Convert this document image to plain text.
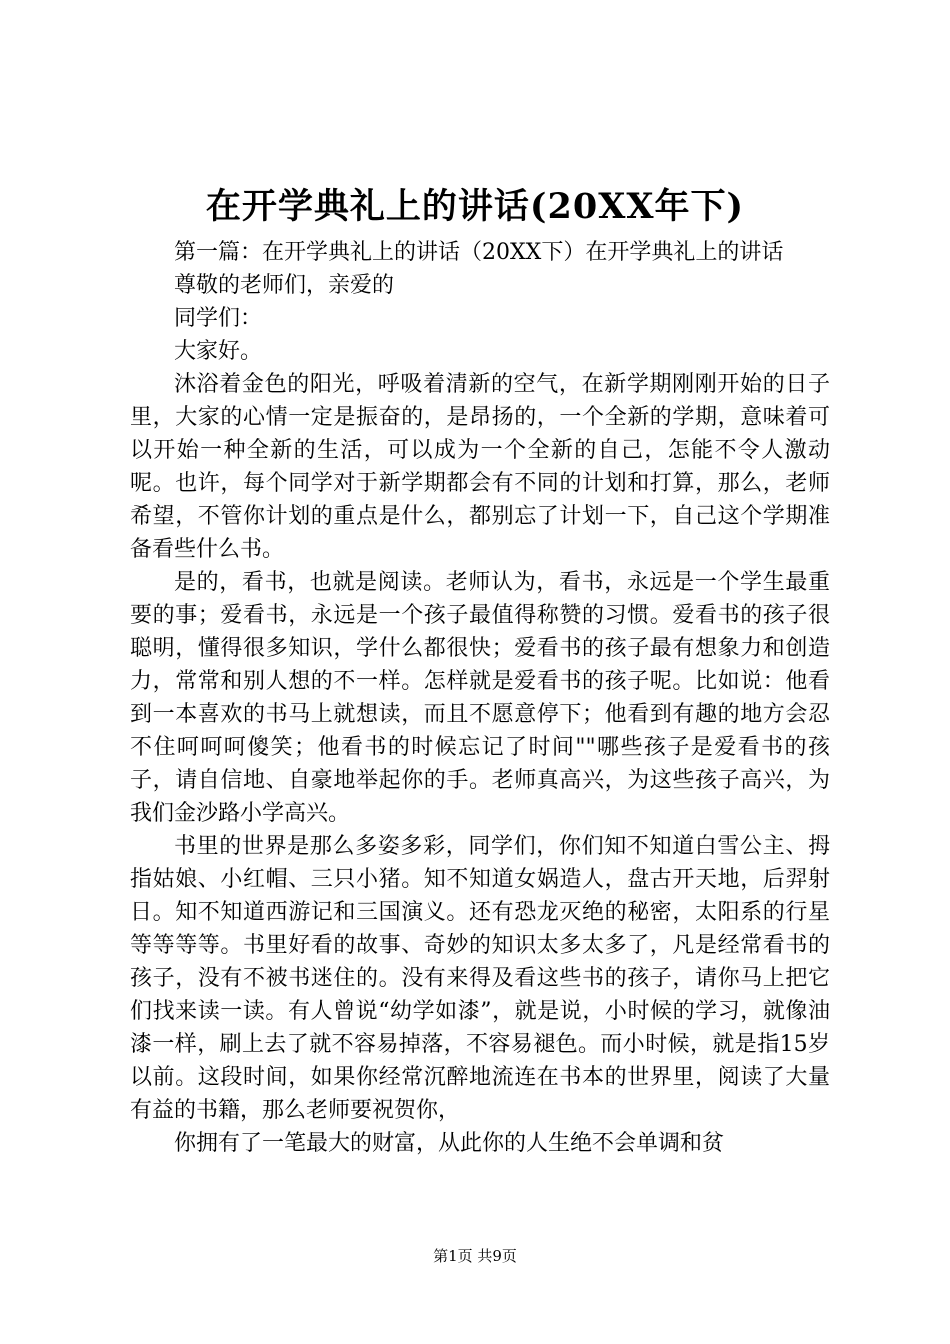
在开学典礼上的讲话(20XX年下)

第一篇：在开学典礼上的讲话（20XX下）在开学典礼上的讲话

尊敬的老师们，亲爱的

同学们：

大家好。

沐浴着金色的阳光，呼吸着清新的空气，在新学期刚刚开始的日子里，大家的心情一定是振奋的，是昂扬的，一个全新的学期，意味着可以开始一种全新的生活，可以成为一个全新的自己，怎能不令人激动呢。也许，每个同学对于新学期都会有不同的计划和打算，那么，老师希望，不管你计划的重点是什么，都别忘了计划一下，自己这个学期准备看些什么书。

是的，看书，也就是阅读。老师认为，看书，永远是一个学生最重要的事；爱看书，永远是一个孩子最值得称赞的习惯。爱看书的孩子很聪明，懂得很多知识，学什么都很快；爱看书的孩子最有想象力和创造力，常常和别人想的不一样。怎样就是爱看书的孩子呢。比如说：他看到一本喜欢的书马上就想读，而且不愿意停下；他看到有趣的地方会忍不住呵呵呵傻笑；他看书的时候忘记了时间""哪些孩子是爱看书的孩子，请自信地、自豪地举起你的手。老师真高兴，为这些孩子高兴，为我们金沙路小学高兴。

书里的世界是那么多姿多彩，同学们，你们知不知道白雪公主、拇指姑娘、小红帽、三只小猪。知不知道女娲造人，盘古开天地，后羿射日。知不知道西游记和三国演义。还有恐龙灭绝的秘密，太阳系的行星等等等等。书里好看的故事、奇妙的知识太多太多了，凡是经常看书的孩子，没有不被书迷住的。没有来得及看这些书的孩子，请你马上把它们找来读一读。有人曾说“幼学如漆”，就是说，小时候的学习，就像油漆一样，刷上去了就不容易掉落，不容易褪色。而小时候，就是指15岁以前。这段时间，如果你经常沉醉地流连在书本的世界里，阅读了大量有益的书籍，那么老师要祝贺你，

你拥有了一笔最大的财富，从此你的人生绝不会单调和贫

第1页 共9页
